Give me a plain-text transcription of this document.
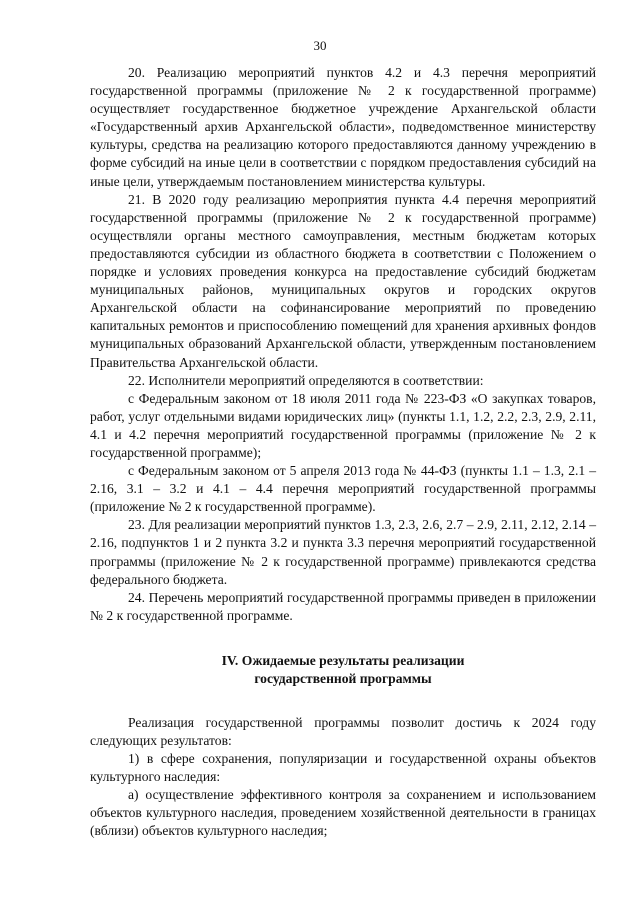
30

20. Реализацию мероприятий пунктов 4.2 и 4.3 перечня мероприятий государственной программы (приложение № 2 к государственной программе) осуществляет государственное бюджетное учреждение Архангельской области «Государственный архив Архангельской области», подведомственное министерству культуры, средства на реализацию которого предоставляются данному учреждению в форме субсидий на иные цели в соответствии с порядком предоставления субсидий на иные цели, утверждаемым постановлением министерства культуры.

21. В 2020 году реализацию мероприятия пункта 4.4 перечня мероприятий государственной программы (приложение № 2 к государственной программе) осуществляли органы местного самоуправления, местным бюджетам которых предоставляются субсидии из областного бюджета в соответствии с Положением о порядке и условиях проведения конкурса на предоставление субсидий бюджетам муниципальных районов, муниципальных округов и городских округов Архангельской области на софинансирование мероприятий по проведению капитальных ремонтов и приспособлению помещений для хранения архивных фондов муниципальных образований Архангельской области, утвержденным постановлением Правительства Архангельской области.

22. Исполнители мероприятий определяются в соответствии:

с Федеральным законом от 18 июля 2011 года № 223-ФЗ «О закупках товаров, работ, услуг отдельными видами юридических лиц» (пункты 1.1, 1.2, 2.2, 2.3, 2.9, 2.11, 4.1 и 4.2 перечня мероприятий государственной программы (приложение № 2 к государственной программе);

с Федеральным законом от 5 апреля 2013 года № 44-ФЗ (пункты 1.1 – 1.3, 2.1 – 2.16, 3.1 – 3.2 и 4.1 – 4.4 перечня мероприятий государственной программы (приложение № 2 к государственной программе).

23. Для реализации мероприятий пунктов 1.3, 2.3, 2.6, 2.7 – 2.9, 2.11, 2.12, 2.14 – 2.16, подпунктов 1 и 2 пункта 3.2 и пункта 3.3 перечня мероприятий государственной программы (приложение № 2 к государственной программе) привлекаются средства федерального бюджета.

24. Перечень мероприятий государственной программы приведен в приложении № 2 к государственной программе.

IV. Ожидаемые результаты реализации
государственной программы

Реализация государственной программы позволит достичь к 2024 году следующих результатов:

1) в сфере сохранения, популяризации и государственной охраны объектов культурного наследия:

а) осуществление эффективного контроля за сохранением и использованием объектов культурного наследия, проведением хозяйственной деятельности в границах (вблизи) объектов культурного наследия;
